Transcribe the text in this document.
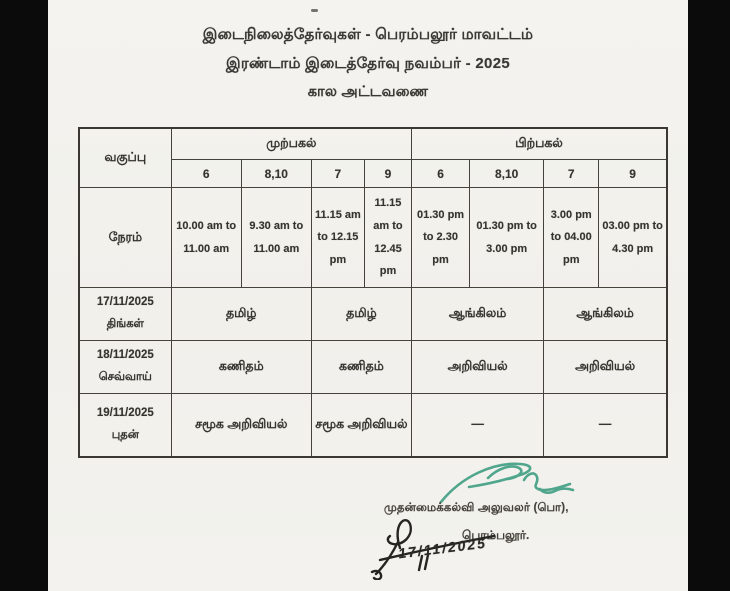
இடைநிலைத்தேர்வுகள் - பெரம்பலூர் மாவட்டம்
இரண்டாம் இடைத்தேர்வு நவம்பர் - 2025
கால அட்டவணை
வகுப்பு	முற்பகல்				பிற்பகல்			
	6	8,10	7	9	6	8,10	7	9
நேரம்	10.00 am to 11.00 am	9.30 am to 11.00 am	11.15 am to 12.15 pm	11.15 am to 12.45 pm	01.30 pm to 2.30 pm	01.30 pm to 3.00 pm	3.00 pm to 04.00 pm	03.00 pm to 4.30 pm

17/11/2025
திங்கள்	தமிழ்		தமிழ்		ஆங்கிலம்		ஆங்கிலம்	

18/11/2025
செவ்வாய்	கணிதம்		கணிதம்		அறிவியல்		அறிவியல்	

19/11/2025
புதன்	சமூக அறிவியல்		சமூக அறிவியல்		—		—	
முதன்மைக்கல்வி அலுவலர் (பொ),
பெரம்பலூர்.
17/11/2025
